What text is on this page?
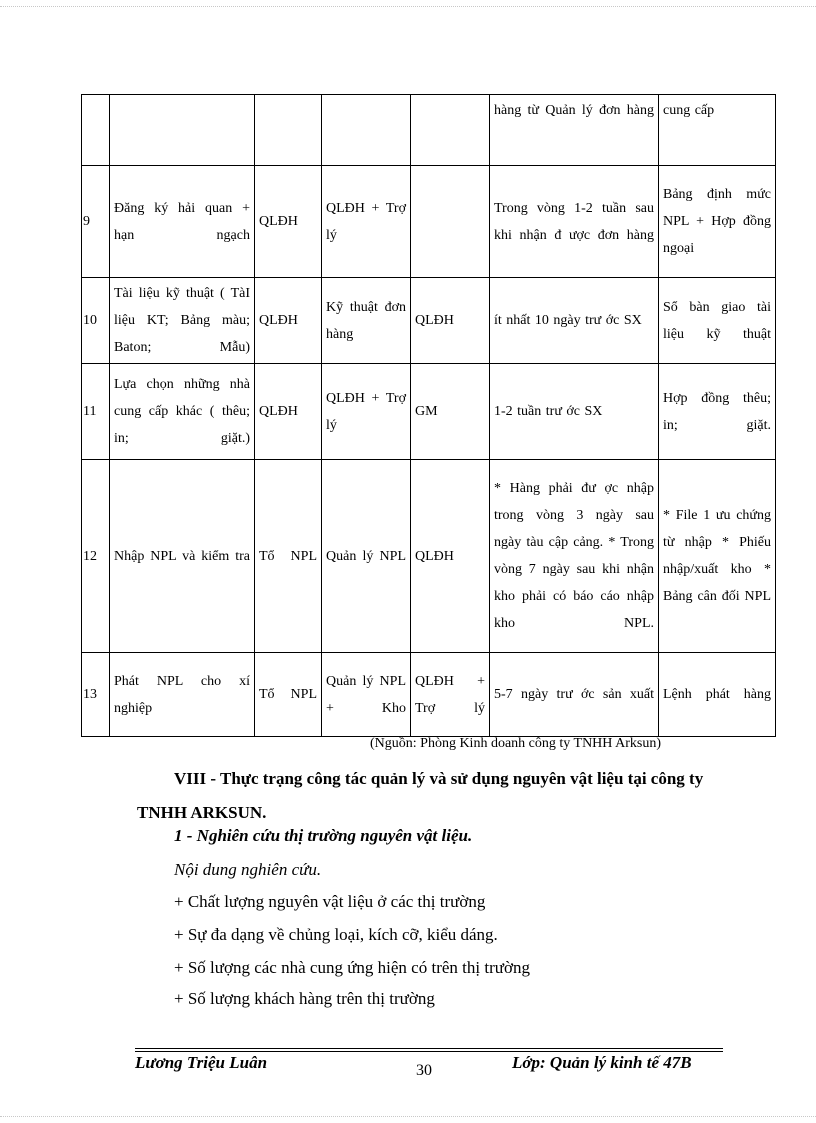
					hàng từ Quản lý đơn hàng	cung cấp
9	Đăng ký hải quan + hạn ngạch	QLĐH	QLĐH + Trợ lý		Trong vòng 1-2 tuần sau khi nhận đ ược đơn hàng	Bảng định mức NPL + Hợp đồng ngoại
10	Tài liệu kỹ thuật ( TàI liệu KT; Bảng màu; Baton; Mẫu)	QLĐH	Kỹ thuật đơn hàng	QLĐH	ít nhất 10 ngày trư ớc SX	Sổ bàn giao tài liệu kỹ thuật
11	Lựa chọn những nhà cung cấp khác ( thêu; in; giặt.)	QLĐH	QLĐH + Trợ lý	GM	1-2 tuần trư ớc SX	Hợp đồng thêu; in; giặt.
12	Nhập NPL và kiểm tra	Tổ NPL	Quản lý NPL	QLĐH	* Hàng phải đư ợc nhập trong vòng 3 ngày sau ngày tàu cập cảng. * Trong vòng 7 ngày sau khi nhận kho phải có báo cáo nhập kho NPL.	* File 1 ưu chứng từ nhập * Phiếu nhập/xuất kho * Bảng cân đối NPL
13	Phát NPL cho xí nghiệp	Tổ NPL	Quản lý NPL + Kho	QLĐH + Trợ lý	5-7 ngày trư ớc sản xuất	Lệnh phát hàng
(Nguồn: Phòng Kinh doanh công ty TNHH Arksun)
VIII - Thực trạng công tác quản lý và sử dụng nguyên vật liệu tại công ty TNHH ARKSUN.
1 - Nghiên cứu thị trường nguyên vật liệu.
Nội dung nghiên cứu.
+ Chất lượng nguyên vật liệu ở các thị trường
+ Sự đa dạng về chủng loại, kích cỡ, kiểu dáng.
+ Số lượng các nhà cung ứng hiện có trên thị trường
+ Số lượng khách hàng trên thị trường
Lương Triệu Luân	30	Lớp: Quản lý kinh tế 47B
